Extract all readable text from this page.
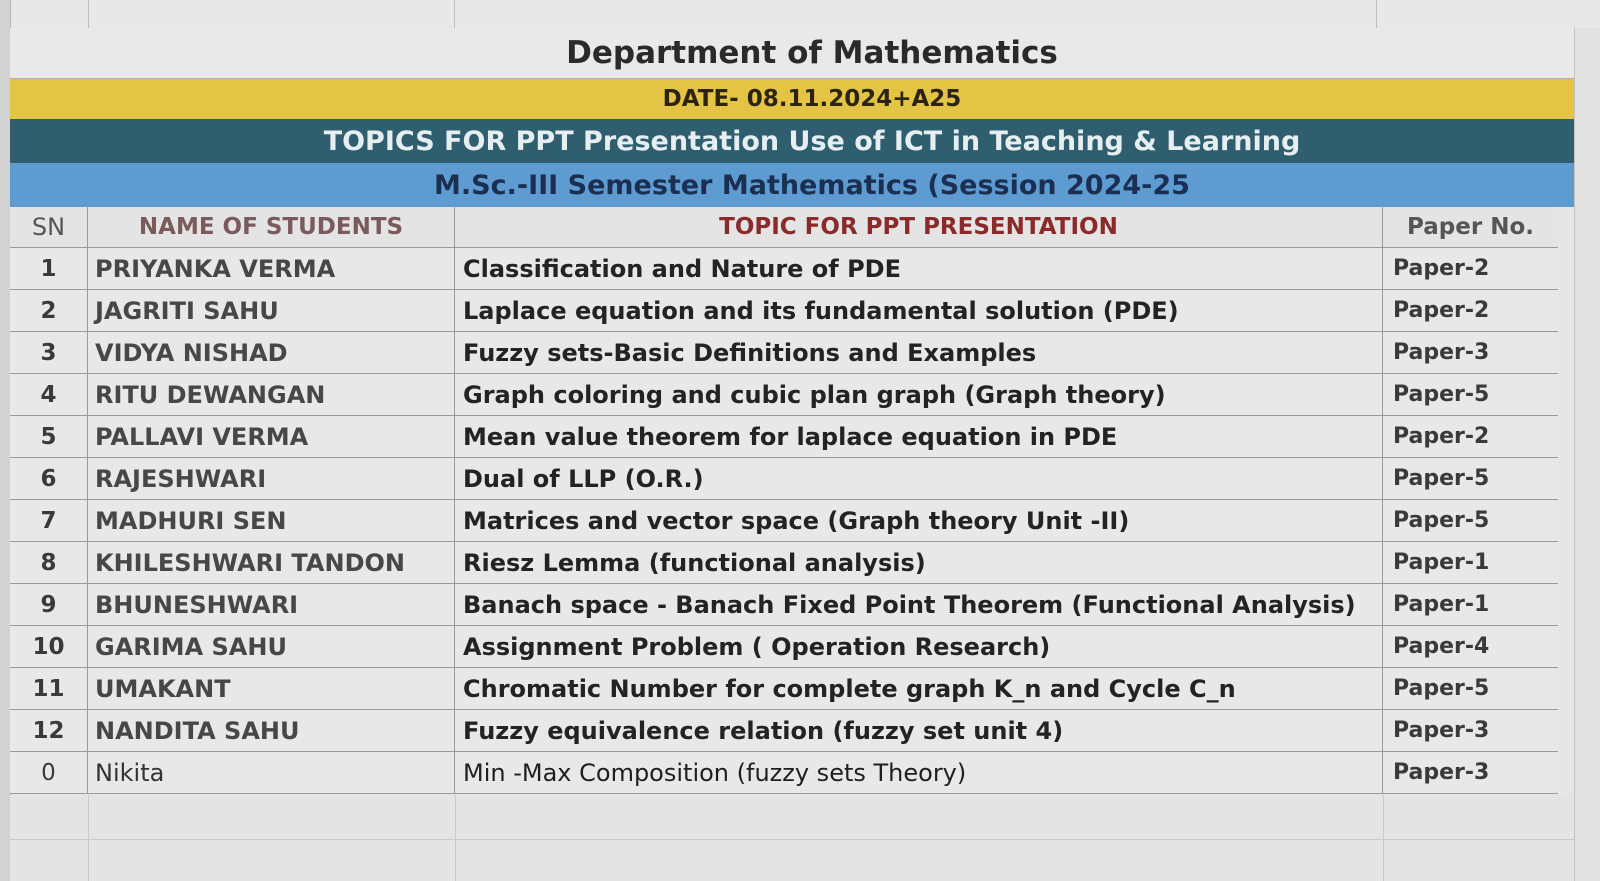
Department of Mathematics
DATE- 08.11.2024+A25
TOPICS FOR PPT Presentation Use of ICT in Teaching & Learning
M.Sc.-III Semester Mathematics (Session 2024-25
SN	NAME OF STUDENTS	TOPIC FOR PPT PRESENTATION	Paper No.
1	PRIYANKA VERMA	Classification and Nature of PDE	Paper-2
2	JAGRITI SAHU	Laplace equation and its fundamental solution (PDE)	Paper-2
3	VIDYA NISHAD	Fuzzy sets-Basic Definitions and Examples	Paper-3
4	RITU DEWANGAN	Graph coloring and cubic plan graph (Graph theory)	Paper-5
5	PALLAVI VERMA	Mean value theorem for laplace equation in PDE	Paper-2
6	RAJESHWARI	Dual of LLP (O.R.)	Paper-5
7	MADHURI SEN	Matrices and vector space (Graph theory Unit -II)	Paper-5
8	KHILESHWARI TANDON	Riesz Lemma (functional analysis)	Paper-1
9	BHUNESHWARI	Banach space - Banach Fixed Point Theorem (Functional Analysis)	Paper-1
10	GARIMA SAHU	Assignment Problem ( Operation Research)	Paper-4
11	UMAKANT	Chromatic Number for complete graph K_n and Cycle C_n	Paper-5
12	NANDITA SAHU	Fuzzy equivalence relation (fuzzy set unit 4)	Paper-3
0	Nikita	Min -Max Composition (fuzzy sets Theory)	Paper-3
